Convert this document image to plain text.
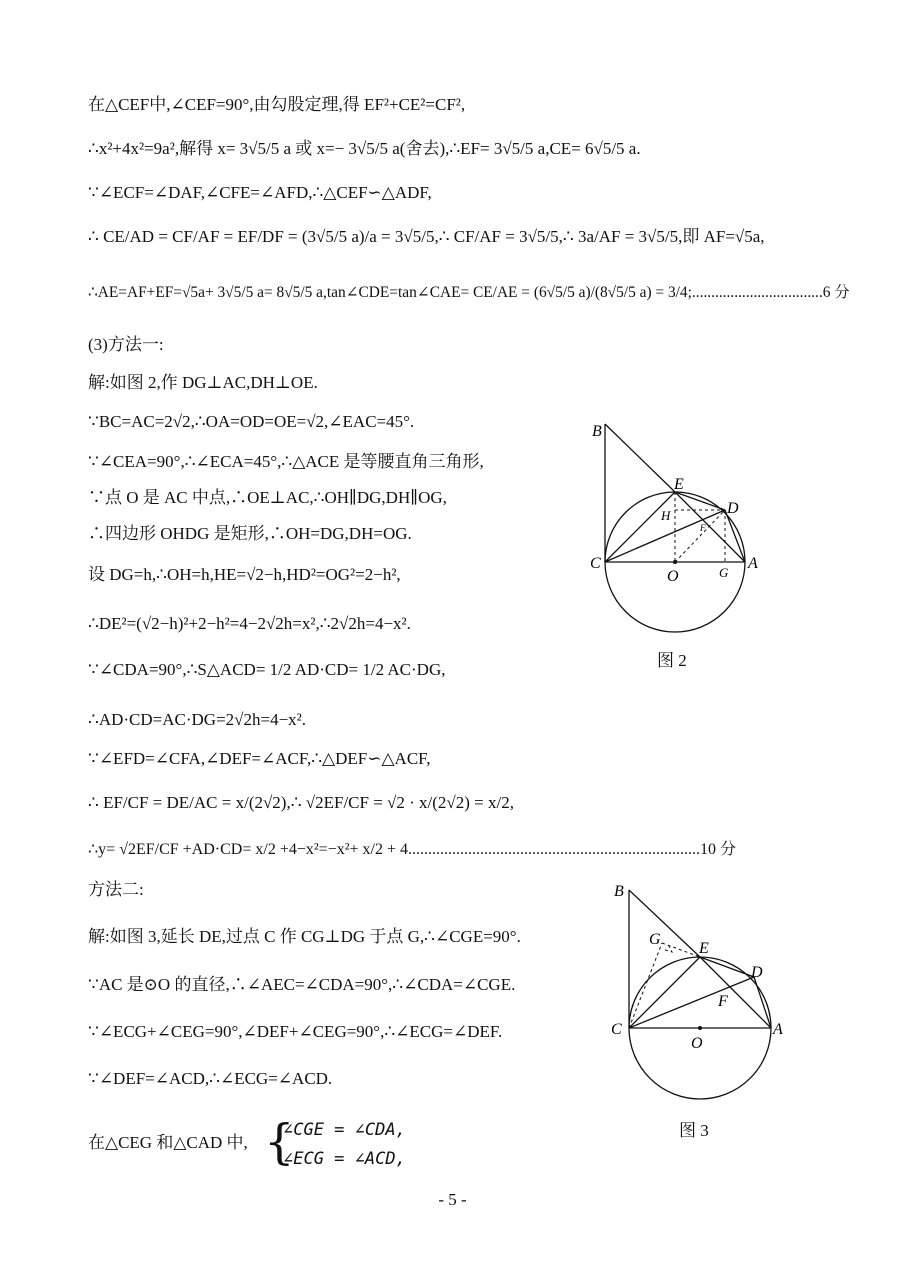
在△CEF中,∠CEF=90°,由勾股定理,得 EF²+CE²=CF²,
∴x²+4x²=9a²,解得 x= 3√5/5 a 或 x=− 3√5/5 a(舍去),∴EF= 3√5/5 a,CE= 6√5/5 a.
∵∠ECF=∠DAF,∠CFE=∠AFD,∴△CEF∽△ADF,
∴ CE/AD = CF/AF = EF/DF = (3√5/5 a)/a = 3√5/5,∴ CF/AF = 3√5/5,∴ 3a/AF = 3√5/5,即 AF=√5a,
∴AE=AF+EF=√5a+ 3√5/5 a= 8√5/5 a,tan∠CDE=tan∠CAE= CE/AE = (6√5/5 a)/(8√5/5 a) = 3/4;..................................6 分
(3)方法一:
解:如图 2,作 DG⊥AC,DH⊥OE.
∵BC=AC=2√2,∴OA=OD=OE=√2,∠EAC=45°.
∵∠CEA=90°,∴∠ECA=45°,∴△ACE 是等腰直角三角形,
∵点 O 是 AC 中点,∴OE⊥AC,∴OH∥DG,DH∥OG,
∴四边形 OHDG 是矩形,∴OH=DG,DH=OG.
设 DG=h,∴OH=h,HE=√2−h,HD²=OG²=2−h²,
∴DE²=(√2−h)²+2−h²=4−2√2h=x²,∴2√2h=4−x².
∵∠CDA=90°,∴S△ACD= 1/2 AD·CD= 1/2 AC·DG,
∴AD·CD=AC·DG=2√2h=4−x².
∵∠EFD=∠CFA,∠DEF=∠ACF,∴△DEF∽△ACF,
∴ EF/CF = DE/AC = x/(2√2),∴ √2EF/CF = √2 · x/(2√2) = x/2,
∴y= √2EF/CF +AD·CD= x/2 +4−x²=−x²+ x/2 + 4.........................................................................10 分
方法二:
解:如图 3,延长 DE,过点 C 作 CG⊥DG 于点 G,∴∠CGE=90°.
∵AC 是⊙O 的直径,∴∠AEC=∠CDA=90°,∴∠CDA=∠CGE.
∵∠ECG+∠CEG=90°,∠DEF+∠CEG=90°,∴∠ECG=∠DEF.
∵∠DEF=∠ACD,∴∠ECG=∠ACD.
在△CEG 和△CAD 中, {
∠CGE = ∠CDA,
∠ECG = ∠ACD,
B
E
D
H
F
C
O	G
A
图 2
B
G
E
D
F
C
O
A
图 3
- 5 -
